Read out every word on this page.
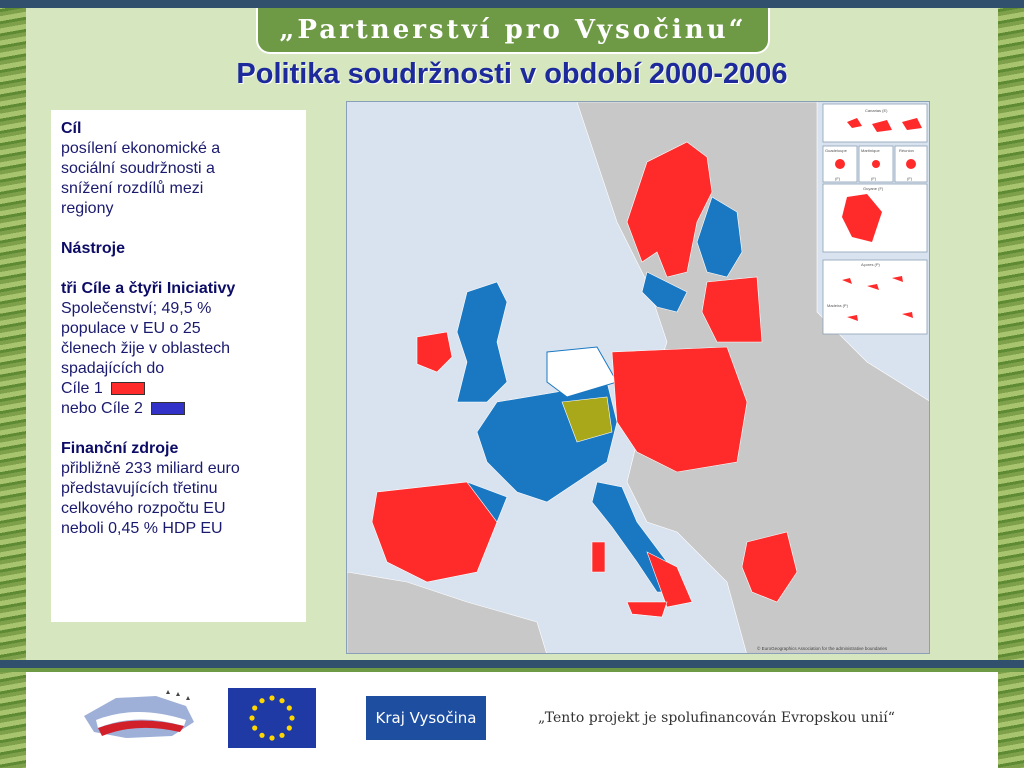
„Partnerství pro Vysočinu“
Politika soudržnosti v období 2000-2006
Cíl
posílení ekonomické a
sociální soudržnosti a
snížení rozdílů mezi
regiony
Nástroje
tři Cíle a čtyři Iniciativy
Společenství; 49,5 %
populace v EU o 25
členech žije v oblastech
spadajících do
Cíle 1
nebo Cíle 2
Finanční zdroje
přibližně 233 miliard euro
představujících třetinu
celkového rozpočtu EU
neboli 0,45 % HDP EU
Canarias (E)
Guadeloupe	Martinique	Réunion
(F)	(F)	(F)
Guyane (F)
Açores (P)
Madeira (P)
© EuroGeographics Association for the administrative boundaries
Kraj Vysočina	„Tento projekt je spolufinancován Evropskou unií“
